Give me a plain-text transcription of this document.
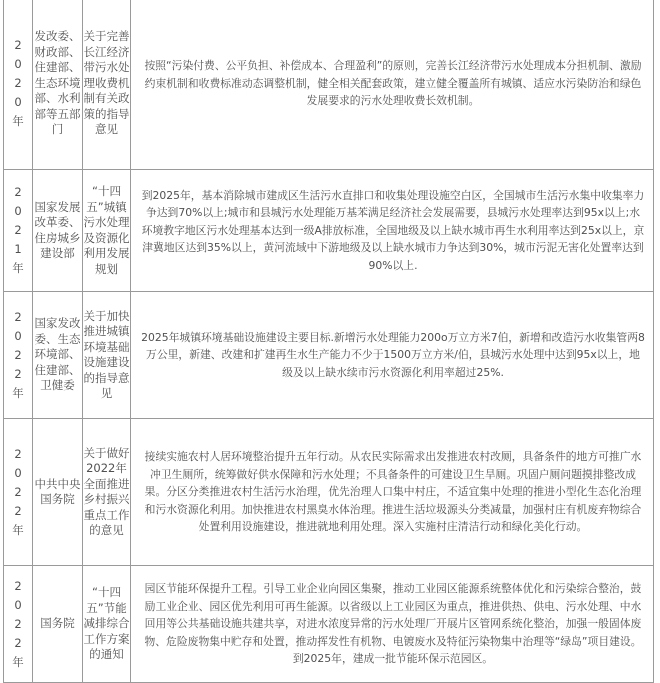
2020年	发改委、财政部、住建部、生态环境部、水利部等五部门	关于完善长江经济带污水处理收费机制有关政策的指导意见	按照“污染付费、公平负担、补偿成本、合理盈利”的原则，完善长江经济带污水处理成本分担机制、激励约束机制和收费标准动态调整机制，健全相关配套政策，建立健全覆盖所有城镇、适应水污染防治和绿色发展要求的污水处理收费长效机制。

2021年	国家发展改革委、住房城乡建设部	“十四五”城镇污水处理及资源化利用发展规划	到2025年，基本消除城市建成区生活污水直排口和收集处理设施空白区，全国城市生活污水集中收集率力争达到70%以上;城市和县城污水处理能万基苯满足经济社会发展需要，县城污水处理率达到95x以上;水环境教字地区污水处理基本达到一级A排放标准，全国地级及以上缺水城市再生水利用率达到25x以上，京津冀地区达到35%以上，黄河流域中下游地级及以上缺水城市力争达到30%，城市污泥无害化处置率达到90%以上.

2022年	国家发改委、生态环境部、住建部、卫健委	关于加快推进城镇环境基础设施建设的指导意见	2025年城镇环境基础设施建设主要目标.新增污水处理能力200o万立方米7伯，新增和改造污水收集管两8万公里，新建、改建和扩建再生水生产能力不少于1500万立方米/伯，县城污水处理中达到95x以上，地级及以上缺水续市污水资源化利用率超过25%.

2022年	中共中央 国务院	关于做好2022年全面推进乡村振兴重点工作的意见	接续实施农村人居环境整治提升五年行动。从农民实际需求出发推进农村改厕，具备条件的地方可推广水冲卫生厕所，统筹做好供水保障和污水处理；不具备条件的可建设卫生旱厕。巩固户厕问题摸排整改成果。分区分类推进农村生活污水治理，优先治理人口集中村庄，不适宜集中处理的推进小型化生态化治理和污水资源化利用。加快推进农村黑臭水体治理。推进生活垃圾源头分类减量，加强村庄有机废弃物综合处置利用设施建设，推进就地利用处理。深入实施村庄清洁行动和绿化美化行动。

2022年	国务院	“十四五”节能减排综合工作方案的通知	园区节能环保提升工程。引导工业企业向园区集聚，推动工业园区能源系统整体优化和污染综合整治，鼓励工业企业、园区优先利用可再生能源。以省级以上工业园区为重点，推进供热、供电、污水处理、中水回用等公共基础设施共建共享，对进水浓度异常的污水处理厂开展片区管网系统化整治，加强一般固体废物、危险废物集中贮存和处置，推动挥发性有机物、电镀废水及特征污染物集中治理等“绿岛”项目建设。到2025年，建成一批节能环保示范园区。
